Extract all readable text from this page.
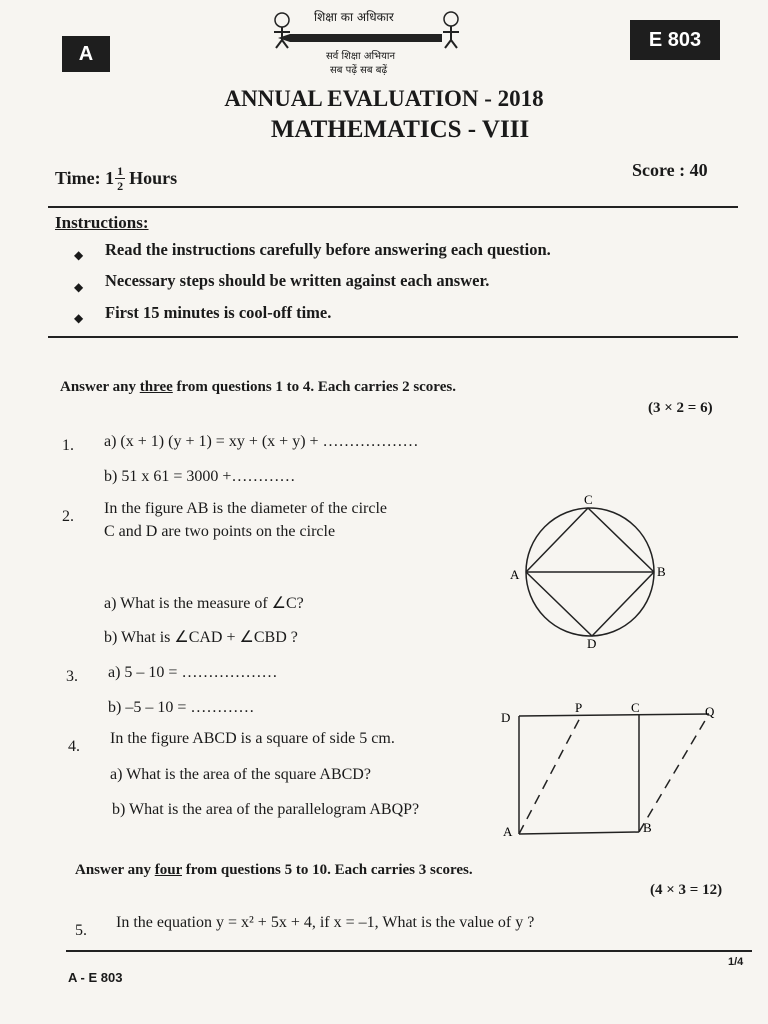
A
E 803
शिक्षा का अधिकार
सर्व शिक्षा अभियान
सब पढ़ें सब बढ़ें
ANNUAL EVALUATION - 2018
MATHEMATICS - VIII
Time: $1 \frac{1}{2}$ Hours	Score : 40
Instructions:
◆ Read the instructions carefully before answering each question.
◆ Necessary steps should be written against each answer.
◆ First 15 minutes is cool-off time.
Answer any three from questions 1 to 4. Each carries 2 scores.
(3 × 2 = 6)
1. a) (x + 1) (y + 1) = xy + (x + y) + ………………
b) 51 x 61 = 3000 +…………
2. In the figure AB is the diameter of the circle
C and D are two points on the circle
a) What is the measure of ∠C?
b) What is ∠CAD + ∠CBD ?
C
A	B
D
3. a) 5 – 10 = ………………
b) –5 – 10 = …………
4. In the figure ABCD is a square of side 5 cm.
a) What is the area of the square ABCD?
b) What is the area of the parallelogram ABQP?
D
P	C	Q
A	B
Answer any four from questions 5 to 10. Each carries 3 scores.
(4 × 3 = 12)
5. In the equation y = x² + 5x + 4, if x = –1, What is the value of y ?
A - E 803
1/4
